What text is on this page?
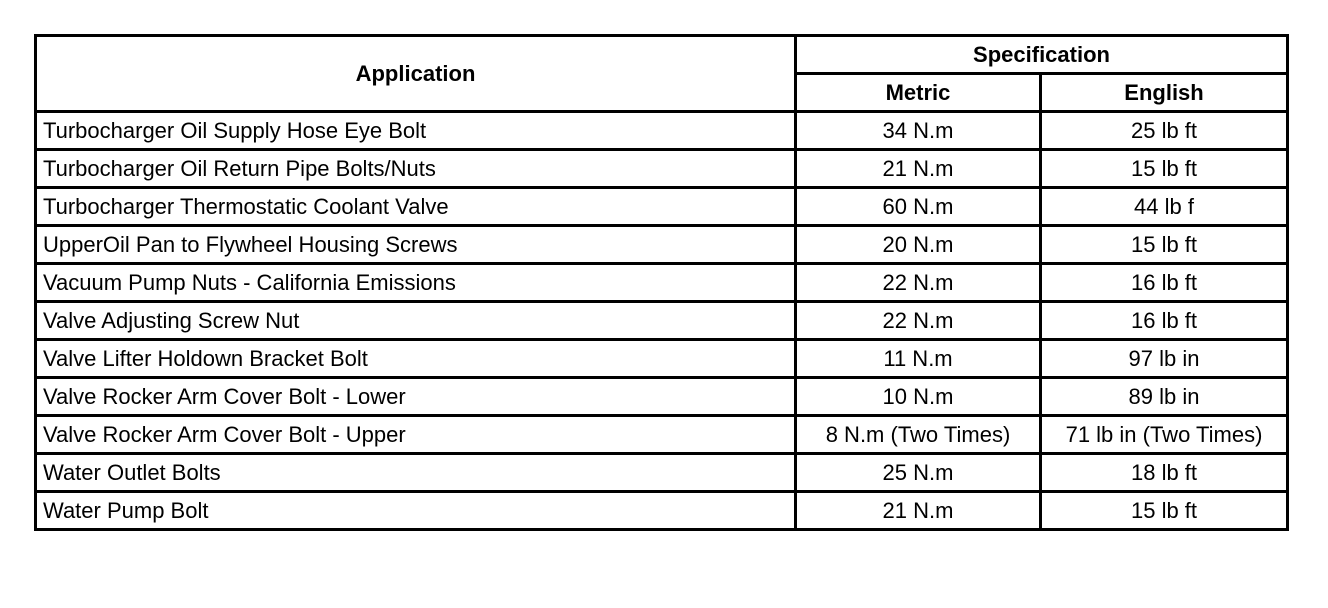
Application	Specification	
	Metric	English
Turbocharger Oil Supply Hose Eye Bolt	34 N.m	25 lb ft
Turbocharger Oil Return Pipe Bolts/Nuts	21 N.m	15 lb ft
Turbocharger Thermostatic Coolant Valve	60 N.m	44 lb f
UpperOil Pan to Flywheel Housing Screws	20 N.m	15 lb ft
Vacuum Pump Nuts - California Emissions	22 N.m	16 lb ft
Valve Adjusting Screw Nut	22 N.m	16 lb ft
Valve Lifter Holdown Bracket Bolt	11 N.m	97 lb in
Valve Rocker Arm Cover Bolt - Lower	10 N.m	89 lb in
Valve Rocker Arm Cover Bolt - Upper	8 N.m (Two Times)	71 lb in (Two Times)
Water Outlet Bolts	25 N.m	18 lb ft
Water Pump Bolt	21 N.m	15 lb ft
